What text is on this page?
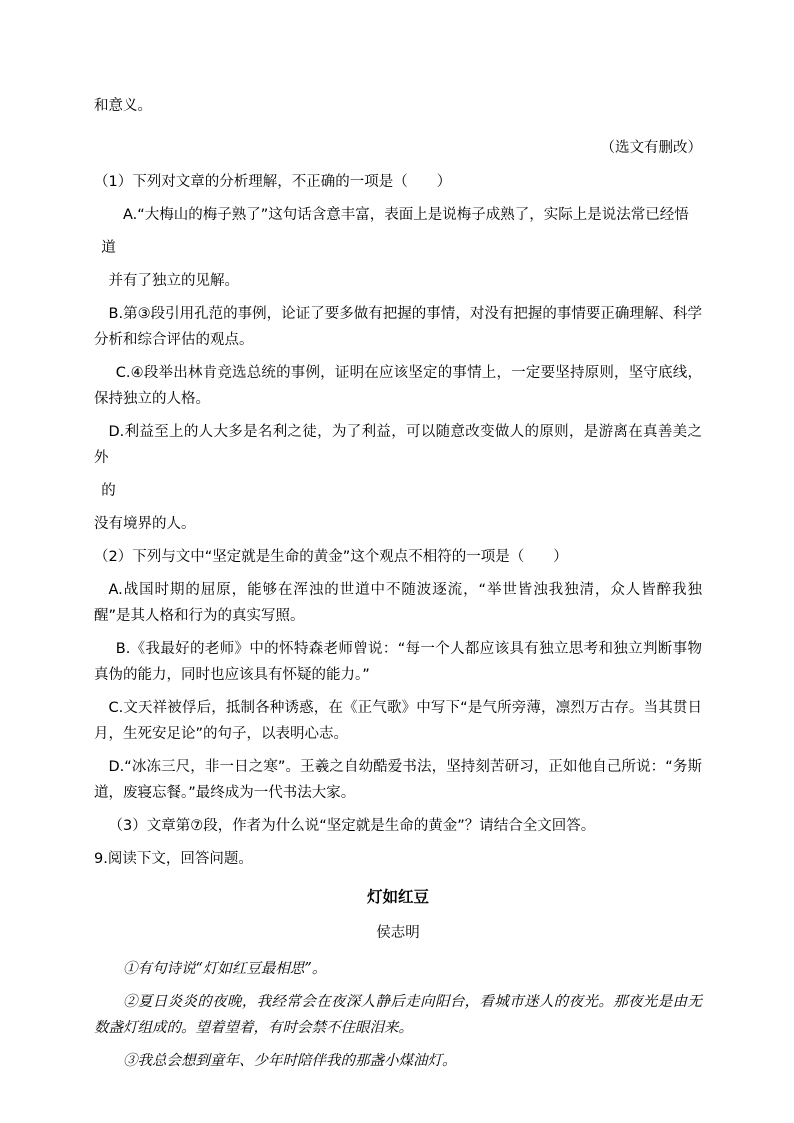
和意义。

（选文有删改）

（1）下列对文章的分析理解，不正确的一项是（　　）

A.“大梅山的梅子熟了”这句话含意丰富，表面上是说梅子成熟了，实际上是说法常已经悟

道

并有了独立的见解。

B.第③段引用孔范的事例，论证了要多做有把握的事情，对没有把握的事情要正确理解、科学分析和综合评估的观点。

C.④段举出林肯竞选总统的事例，证明在应该坚定的事情上，一定要坚持原则，坚守底线，保持独立的人格。

D.利益至上的人大多是名利之徒，为了利益，可以随意改变做人的原则，是游离在真善美之外

的

没有境界的人。

（2）下列与文中“坚定就是生命的黄金”这个观点不相符的一项是（　　）

A.战国时期的屈原，能够在浑浊的世道中不随波逐流，“举世皆浊我独清，众人皆醉我独醒”是其人格和行为的真实写照。

B.《我最好的老师》中的怀特森老师曾说：“每一个人都应该具有独立思考和独立判断事物真伪的能力，同时也应该具有怀疑的能力。”

C.文天祥被俘后，抵制各种诱惑，在《正气歌》中写下“是气所旁薄，凛烈万古存。当其贯日月，生死安足论”的句子，以表明心志。

D.“冰冻三尺，非一日之寒”。王羲之自幼酷爱书法，坚持刻苦研习，正如他自己所说：“务斯道，废寝忘餐。”最终成为一代书法大家。

（3）文章第⑦段，作者为什么说“坚定就是生命的黄金”？请结合全文回答。

9.阅读下文，回答问题。

灯如红豆

侯志明

①有句诗说“灯如红豆最相思”。

②夏日炎炎的夜晚，我经常会在夜深人静后走向阳台，看城市迷人的夜光。那夜光是由无数盏灯组成的。望着望着，有时会禁不住眼泪来。

③我总会想到童年、少年时陪伴我的那盏小煤油灯。
